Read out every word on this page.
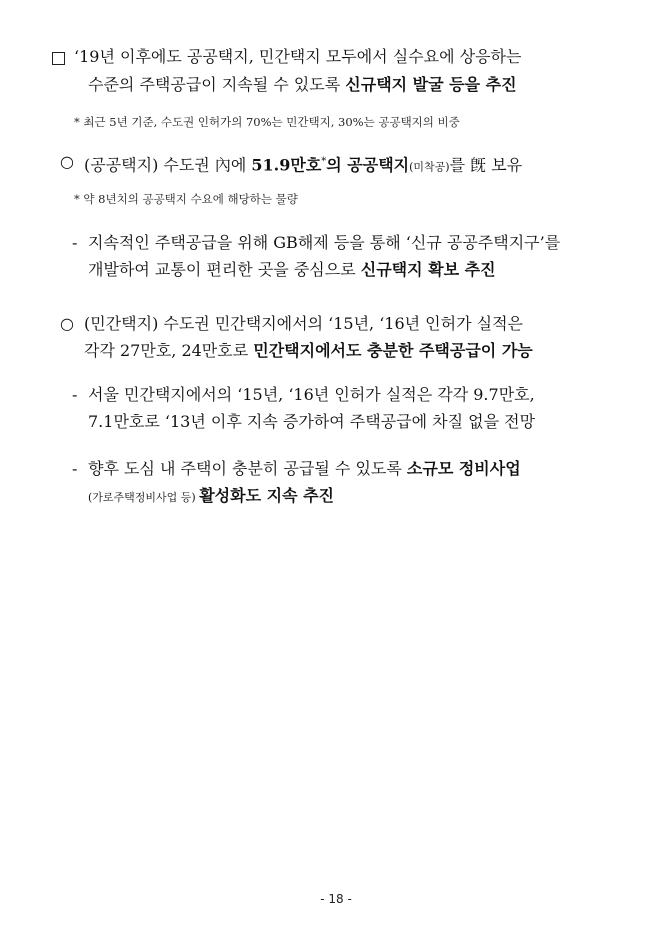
‘19년 이후에도 공공택지, 민간택지 모두에서 실수요에 상응하는
수준의 주택공급이 지속될 수 있도록 신규택지 발굴 등을 추진
* 최근 5년 기준, 수도권 인허가의 70%는 민간택지, 30%는 공공택지의 비중
○ (공공택지) 수도권 內에 51.9만호*의 공공택지(미착공)를 旣 보유
* 약 8년치의 공공택지 수요에 해당하는 물량
- 지속적인 주택공급을 위해 GB해제 등을 통해 ‘신규 공공주택지구’를
개발하여 교통이 편리한 곳을 중심으로 신규택지 확보 추진
○ (민간택지) 수도권 민간택지에서의 ‘15년, ‘16년 인허가 실적은
각각 27만호, 24만호로 민간택지에서도 충분한 주택공급이 가능
- 서울 민간택지에서의 ‘15년, ‘16년 인허가 실적은 각각 9.7만호,
7.1만호로 ‘13년 이후 지속 증가하여 주택공급에 차질 없을 전망
- 향후 도심 내 주택이 충분히 공급될 수 있도록 소규모 정비사업
(가로주택정비사업 등) 활성화도 지속 추진
- 18 -
